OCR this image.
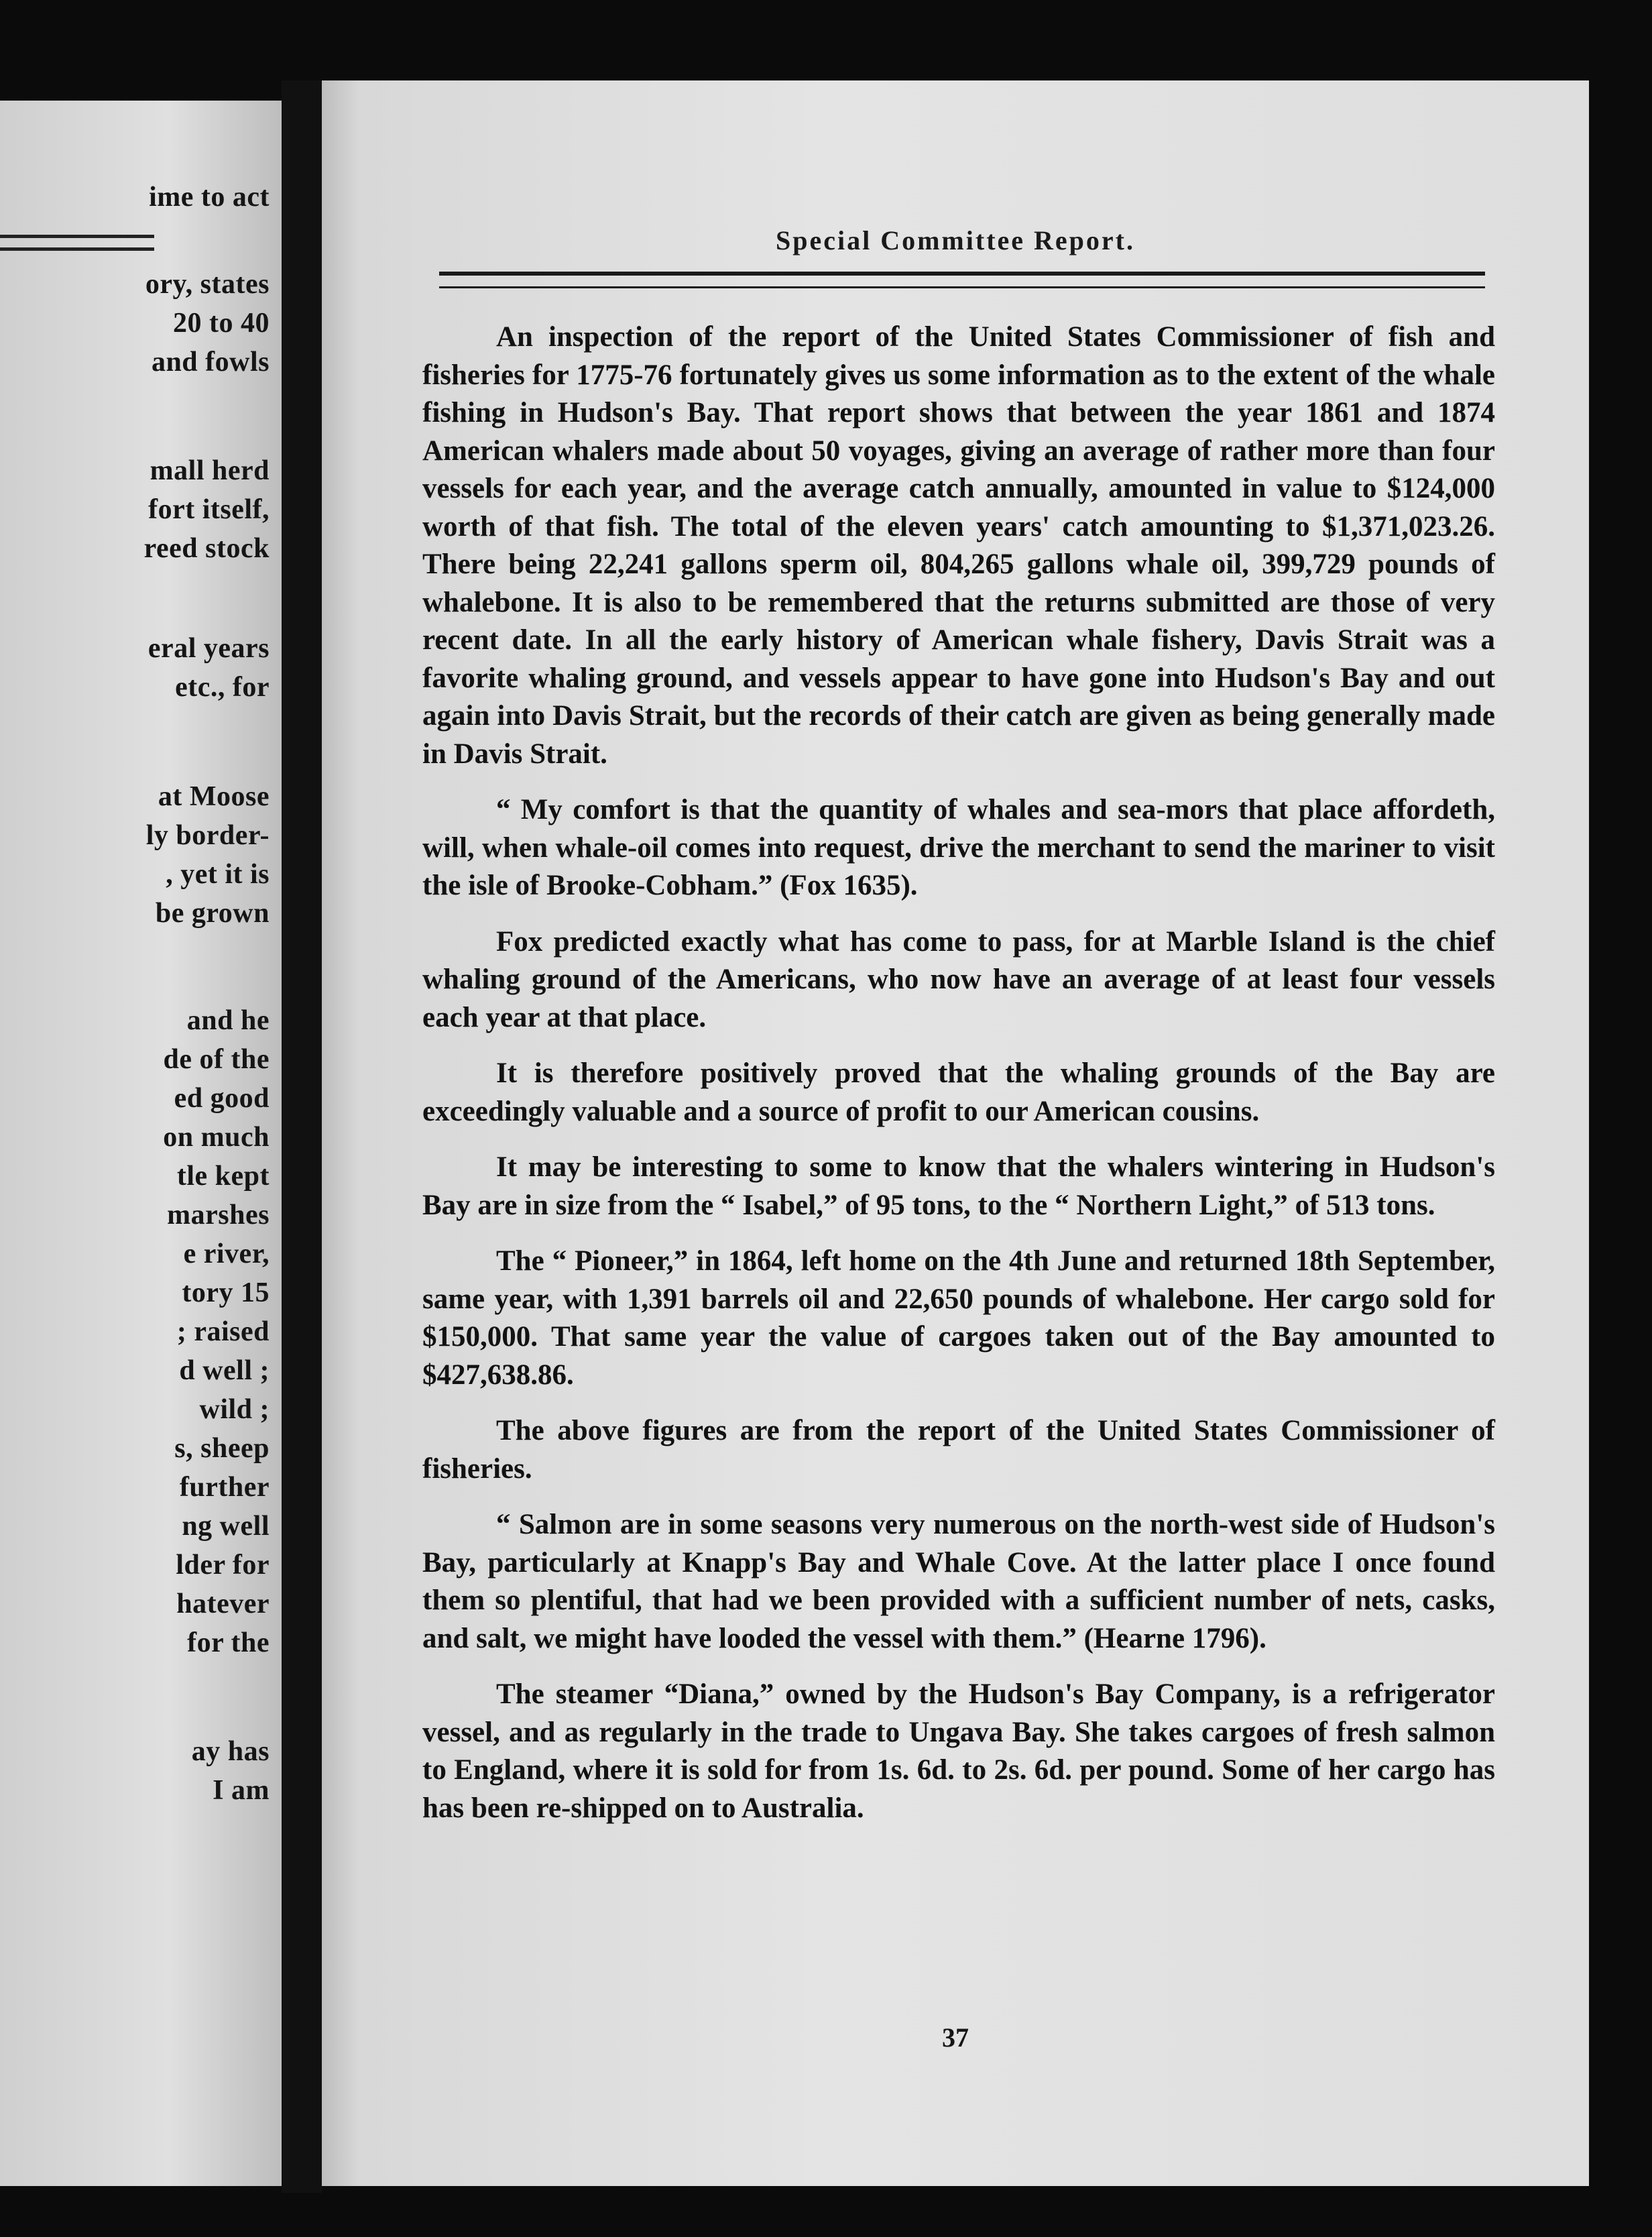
ime to act
ory, states
20 to 40
and fowls
mall herd
fort itself,
reed stock
eral years
etc., for
at Moose
ly border-
, yet it is
be grown
and he
de of the
ed good
on much
tle kept
marshes
e river,
tory 15
; raised
d well ;
wild ;
s, sheep
further
ng well
lder for
hatever
for the
ay has
I am
Special Committee Report.

An inspection of the report of the United States Commissioner of fish and fisheries for 1775-76 fortunately gives us some information as to the extent of the whale fishing in Hudson's Bay. That report shows that between the year 1861 and 1874 American whalers made about 50 voyages, giving an average of rather more than four vessels for each year, and the average catch annually, amounted in value to $124,000 worth of that fish. The total of the eleven years' catch amounting to $1,371,023.26. There being 22,241 gallons sperm oil, 804,265 gallons whale oil, 399,729 pounds of whalebone. It is also to be remembered that the returns submitted are those of very recent date. In all the early history of American whale fishery, Davis Strait was a favorite whaling ground, and vessels appear to have gone into Hudson's Bay and out again into Davis Strait, but the records of their catch are given as being generally made in Davis Strait.

“ My comfort is that the quantity of whales and sea-mors that place affordeth, will, when whale-oil comes into request, drive the merchant to send the mariner to visit the isle of Brooke-Cobham.” (Fox 1635).

Fox predicted exactly what has come to pass, for at Marble Island is the chief whaling ground of the Americans, who now have an average of at least four vessels each year at that place.

It is therefore positively proved that the whaling grounds of the Bay are exceedingly valuable and a source of profit to our American cousins.

It may be interesting to some to know that the whalers wintering in Hudson's Bay are in size from the “ Isabel,” of 95 tons, to the “ Northern Light,” of 513 tons.

The “ Pioneer,” in 1864, left home on the 4th June and returned 18th September, same year, with 1,391 barrels oil and 22,650 pounds of whalebone. Her cargo sold for $150,000. That same year the value of cargoes taken out of the Bay amounted to $427,638.86.

The above figures are from the report of the United States Commissioner of fisheries.

“ Salmon are in some seasons very numerous on the north-west side of Hudson's Bay, particularly at Knapp's Bay and Whale Cove. At the latter place I once found them so plentiful, that had we been provided with a sufficient number of nets, casks, and salt, we might have looded the vessel with them.” (Hearne 1796).

The steamer “Diana,” owned by the Hudson's Bay Company, is a refrigerator vessel, and as regularly in the trade to Ungava Bay. She takes cargoes of fresh salmon to England, where it is sold for from 1s. 6d. to 2s. 6d. per pound. Some of her cargo has has been re-shipped on to Australia.

37
